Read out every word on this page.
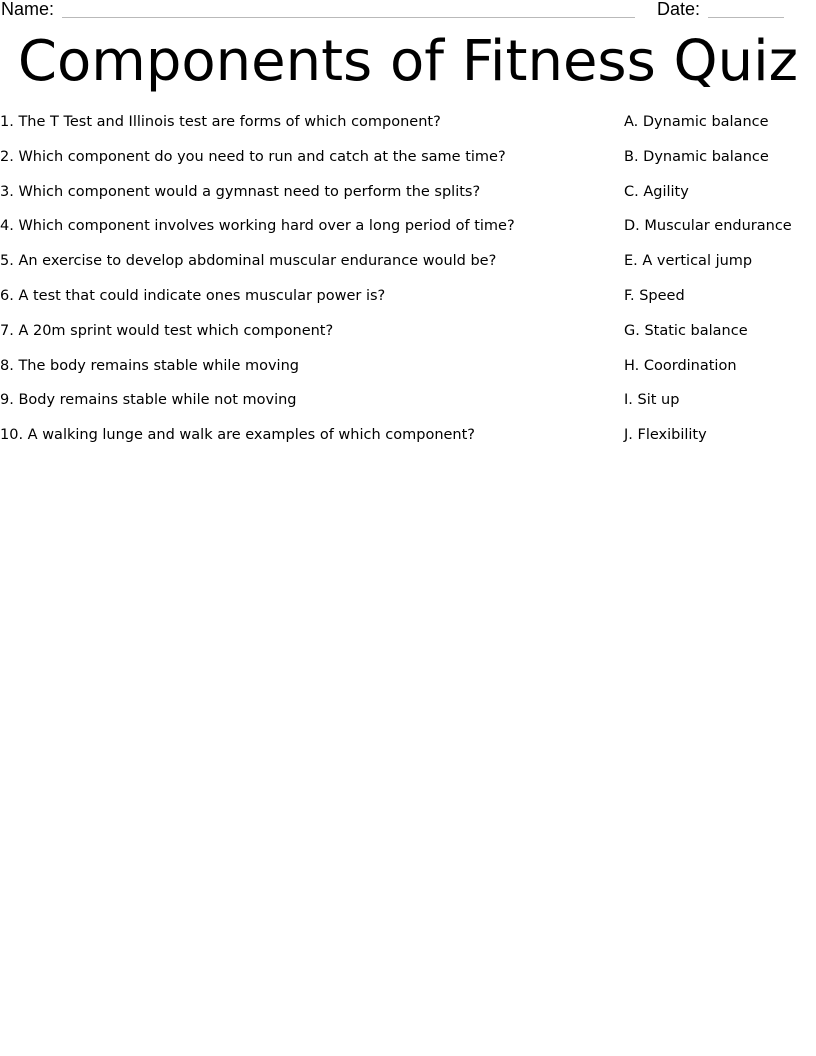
Name:	Date:
Components of Fitness Quiz
1. The T Test and Illinois test are forms of which component?
2. Which component do you need to run and catch at the same time?
3. Which component would a gymnast need to perform the splits?
4. Which component involves working hard over a long period of time?
5. An exercise to develop abdominal muscular endurance would be?
6. A test that could indicate ones muscular power is?
7. A 20m sprint would test which component?
8. The body remains stable while moving
9. Body remains stable while not moving
10. A walking lunge and walk are examples of which component?
A. Dynamic balance
B. Dynamic balance
C. Agility
D. Muscular endurance
E. A vertical jump
F. Speed
G. Static balance
H. Coordination
I. Sit up
J. Flexibility
